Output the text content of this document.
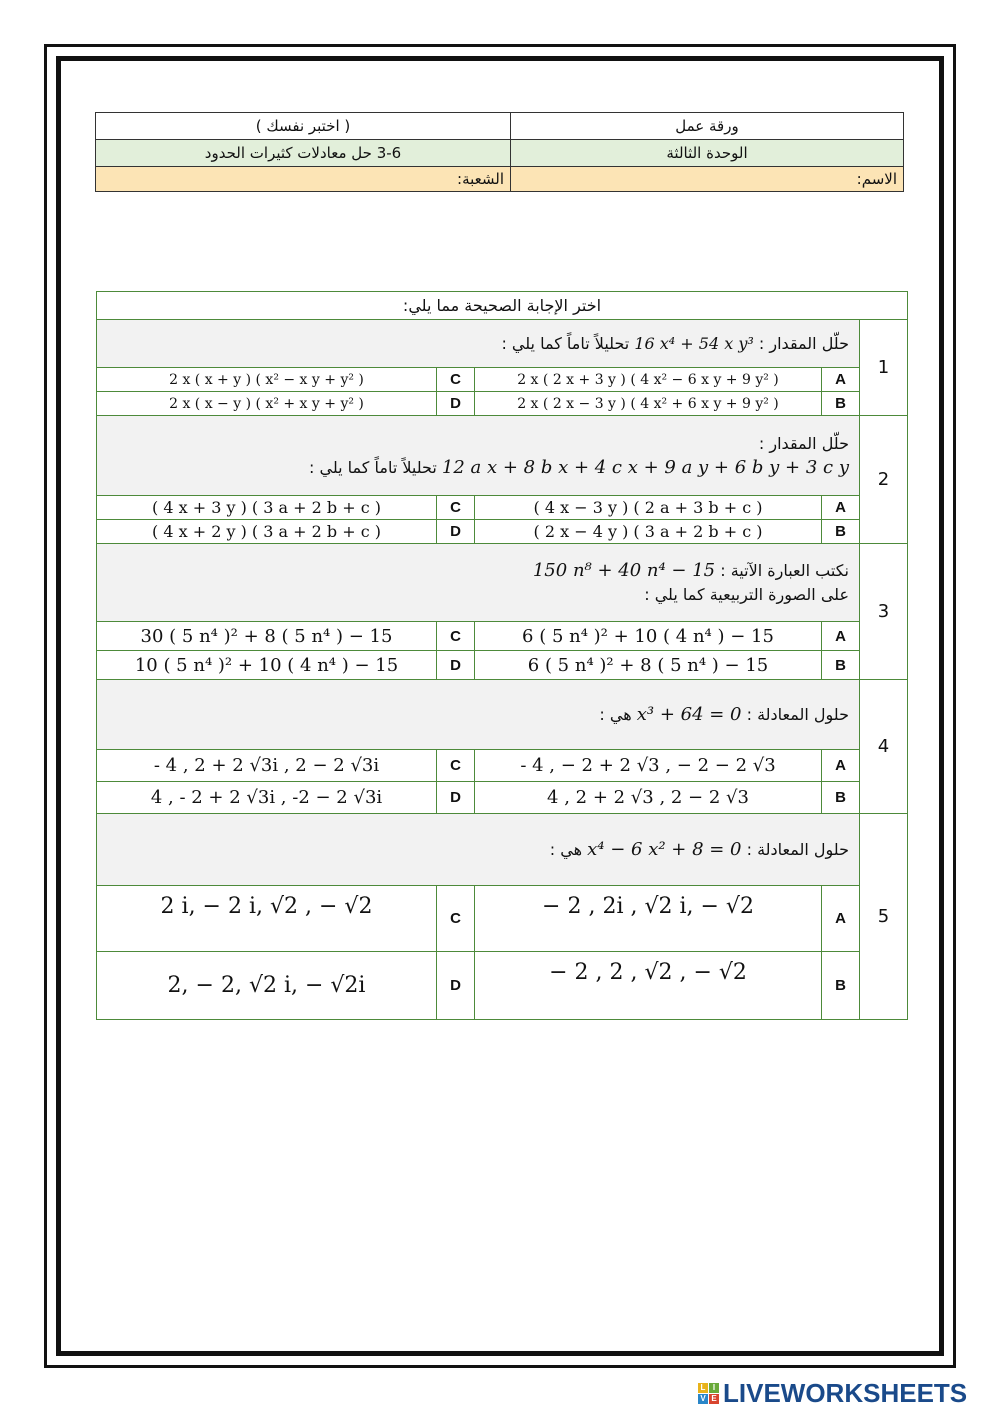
( اختبر نفسك )	ورقة عمل
3-6 حل معادلات كثيرات الحدود	الوحدة الثالثة
الشعبة:	الاسم:
اختر الإجابة الصحيحة مما يلي:				
حلّل المقدار : 16 x⁴ + 54 x y³ تحليلاً تاماً كما يلي :				1
2 x ( x + y ) ( x² − x y + y² )	C	2 x ( 2 x + 3 y ) ( 4 x² − 6 x y + 9 y² )	A	
2 x ( x − y ) ( x² + x y + y² )	D	2 x ( 2 x − 3 y ) ( 4 x² + 6 x y + 9 y² )	B	

حلّل المقدار :
12 a x + 8 b x + 4 c x + 9 a y + 6 b y + 3 c y تحليلاً تاماً كما يلي :				2
( 4 x + 3 y ) ( 3 a + 2 b + c )	C	( 4 x − 3 y ) ( 2 a + 3 b + c )	A	
( 4 x + 2 y ) ( 3 a + 2 b + c )	D	( 2 x − 4 y ) ( 3 a + 2 b + c )	B	

نكتب العبارة الآتية : 150 n⁸ + 40 n⁴ − 15
على الصورة التربيعية كما يلي :				3
30 ( 5 n⁴ )² + 8 ( 5 n⁴ ) − 15	C	6 ( 5 n⁴ )² + 10 ( 4 n⁴ ) − 15	A	
10 ( 5 n⁴ )² + 10 ( 4 n⁴ ) − 15	D	6 ( 5 n⁴ )² + 8 ( 5 n⁴ ) − 15	B	
حلول المعادلة : x³ + 64 = 0 هي :				4
- 4 , 2 + 2 √3i , 2 − 2 √3i	C	- 4 , − 2 + 2 √3 , − 2 − 2 √3	A	
4 , - 2 + 2 √3i , -2 − 2 √3i	D	4 , 2 + 2 √3 , 2 − 2 √3	B	
حلول المعادلة : x⁴ − 6 x² + 8 = 0 هي :				5
2 i, − 2 i, √2 , − √2	C	− 2 , 2i , √2 i, − √2	A	
2, − 2, √2 i, − √2i	D	− 2 , 2 , √2 , − √2	B	
L I
V E LIVEWORKSHEETS
